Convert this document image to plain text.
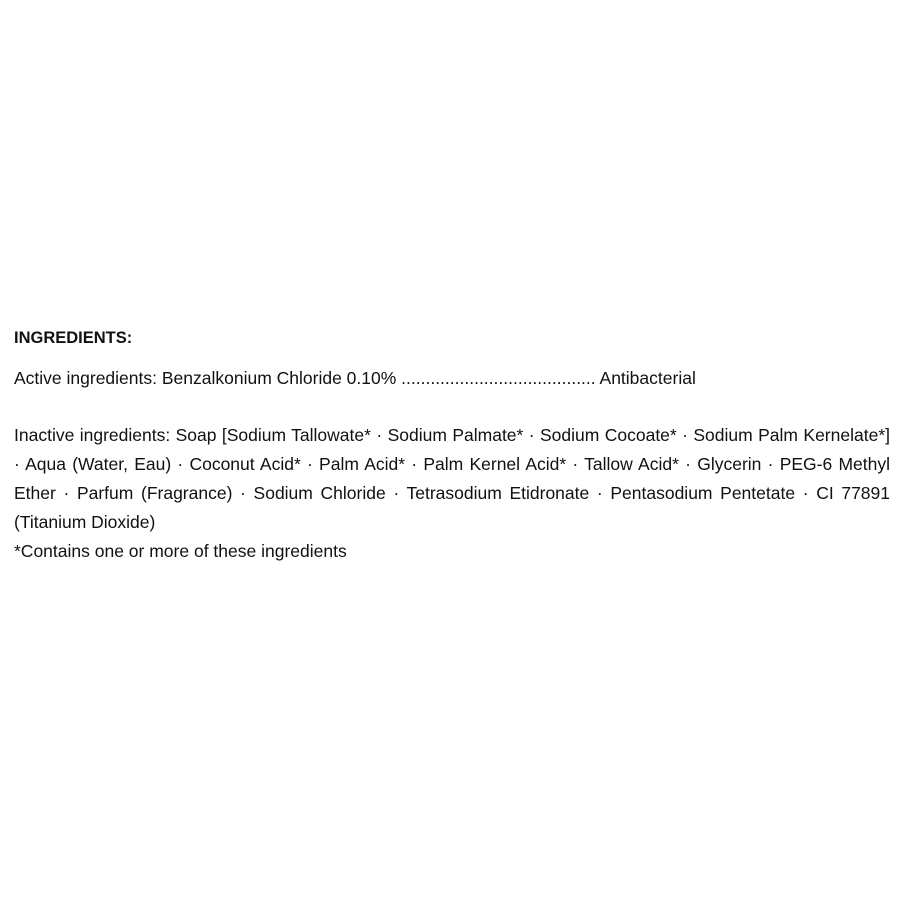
INGREDIENTS:
Active ingredients: Benzalkonium Chloride 0.10% ........................................ Antibacterial
Inactive ingredients: Soap [Sodium Tallowate* · Sodium Palmate* · Sodium Cocoate* · Sodium Palm Kernelate*] · Aqua (Water, Eau) · Coconut Acid* · Palm Acid* · Palm Kernel Acid* · Tallow Acid* · Glycerin · PEG-6 Methyl Ether · Parfum (Fragrance) · Sodium Chloride · Tetrasodium Etidronate · Pentasodium Pentetate · CI 77891 (Titanium Dioxide)
*Contains one or more of these ingredients
